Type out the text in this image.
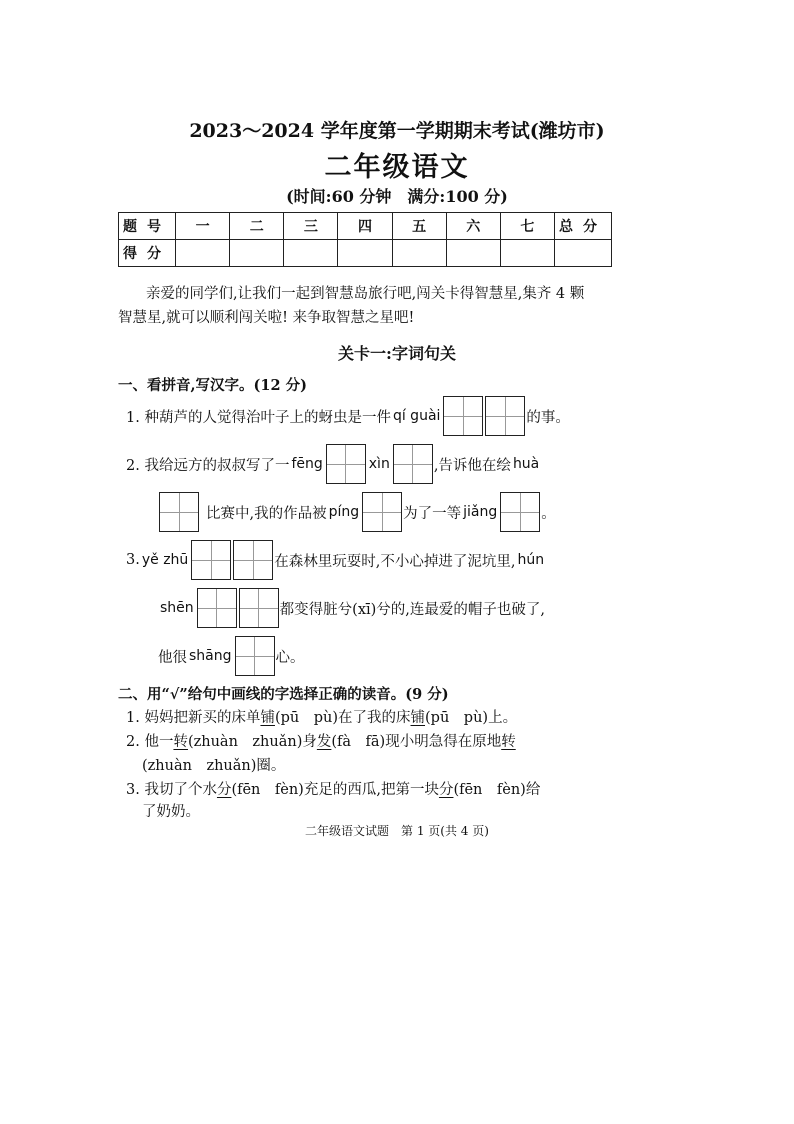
2023～2024 学年度第一学期期末考试(潍坊市)
二年级语文
(时间:60 分钟　满分:100 分)
题号	一	二	三	四	五	六	七	总分
得分								
亲爱的同学们,让我们一起到智慧岛旅行吧,闯关卡得智慧星,集齐 4 颗智慧星,就可以顺利闯关啦! 来争取智慧之星吧!
关卡一:字词句关
一、看拼音,写汉字。(12 分)
1. 种葫芦的人觉得治叶子上的蚜虫是一件 qí guài	的事。
2. 我给远方的叔叔写了一 fēng	xìn	,告诉他在绘 huà
比赛中,我的作品被 píng	为了一等 jiǎng	。
3. yě zhū	在森林里玩耍时,不小心掉进了泥坑里, hún
shēn	都变得脏兮(xī)兮的,连最爱的帽子也破了,
他很 shāng	心。
二、用“√”给句中画线的字选择正确的读音。(9 分)
1. 妈妈把新买的床单 铺 (pū　pù)在了我的床 铺 (pū　pù)上。
2. 他一 转 (zhuàn　zhuǎn)身 发 (fà　fā)现小明急得在原地 转
(zhuàn　zhuǎn)圈。
3. 我切了个水 分 (fēn　fèn)充足的西瓜,把第一块 分 (fēn　fèn)给
了奶奶。
二年级语文试题　第 1 页(共 4 页)
